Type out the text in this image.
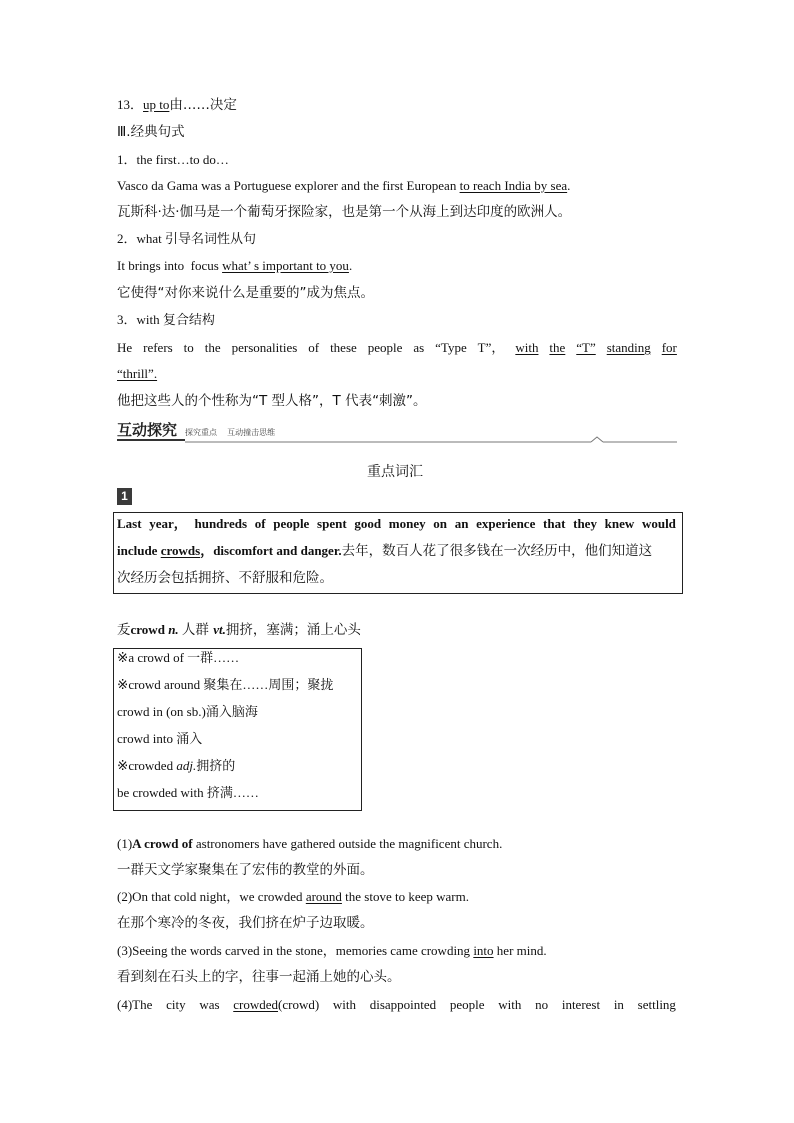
13．up to由……决定
Ⅲ.经典句式
1．the first…to do…
Vasco da Gama was a Portuguese explorer and the first European to reach India by sea.
瓦斯科·达·伽马是一个葡萄牙探险家，也是第一个从海上到达印度的欧洲人。
2．what 引导名词性从句
It brings into  focus what’ s important to you.
它使得“对你来说什么是重要的”成为焦点。
3．with 复合结构
He refers to the personalities of these people as “Type T”， with the “T” standing for
“thrill”.
他把这些人的个性称为“T 型人格”，T 代表“刺激”。
互动探究 探究重点    互动撞击思维
重点词汇
1
Last year， hundreds of people spent good money on an experience that they knew would
include crowds，discomfort and danger.去年，数百人花了很多钱在一次经历中，他们知道这
次经历会包括拥挤、不舒服和危险。
叐crowd n. 人群 vt.拥挤，塞满；涌上心头
※a crowd of 一群……
※crowd around 聚集在……周围；聚拢
crowd in (on sb.)涌入脑海
crowd into 涌入
※crowded adj.拥挤的
be crowded with 挤满……
(1)A crowd of astronomers have gathered outside the magnificent church.
一群天文学家聚集在了宏伟的教堂的外面。
(2)On that cold night，we crowded around the stove to keep warm.
在那个寒冷的冬夜，我们挤在炉子边取暖。
(3)Seeing the words carved in the stone，memories came crowding into her mind.
看到刻在石头上的字，往事一起涌上她的心头。
(4)The city was crowded(crowd) with disappointed people with no interest in settling
